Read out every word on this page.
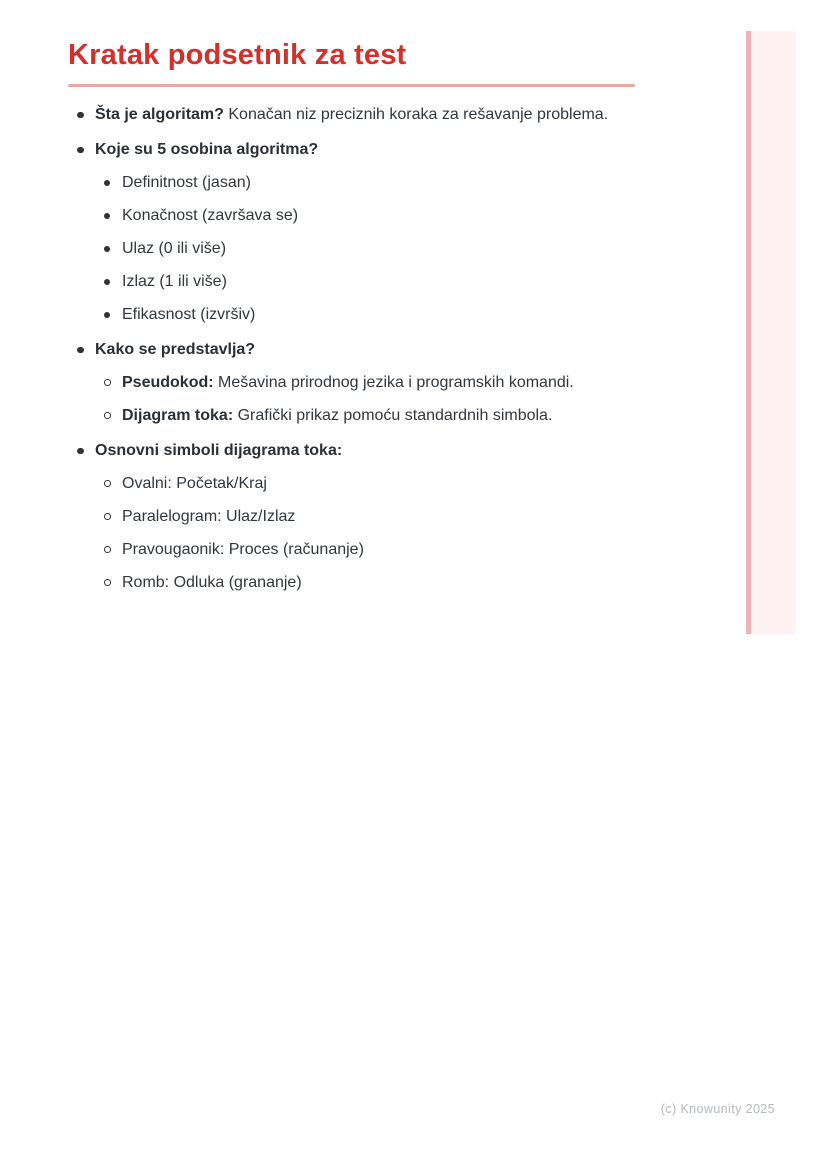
Kratak podsetnik za test
Šta je algoritam? Konačan niz preciznih koraka za rešavanje problema.
Koje su 5 osobina algoritma?
Definitnost (jasan)
Konačnost (završava se)
Ulaz (0 ili više)
Izlaz (1 ili više)
Efikasnost (izvršiv)
Kako se predstavlja?
Pseudokod: Mešavina prirodnog jezika i programskih komandi.
Dijagram toka: Grafički prikaz pomoću standardnih simbola.
Osnovni simboli dijagrama toka:
Ovalni: Početak/Kraj
Paralelogram: Ulaz/Izlaz
Pravougaonik: Proces (računanje)
Romb: Odluka (grananje)
(c) Knowunity 2025
